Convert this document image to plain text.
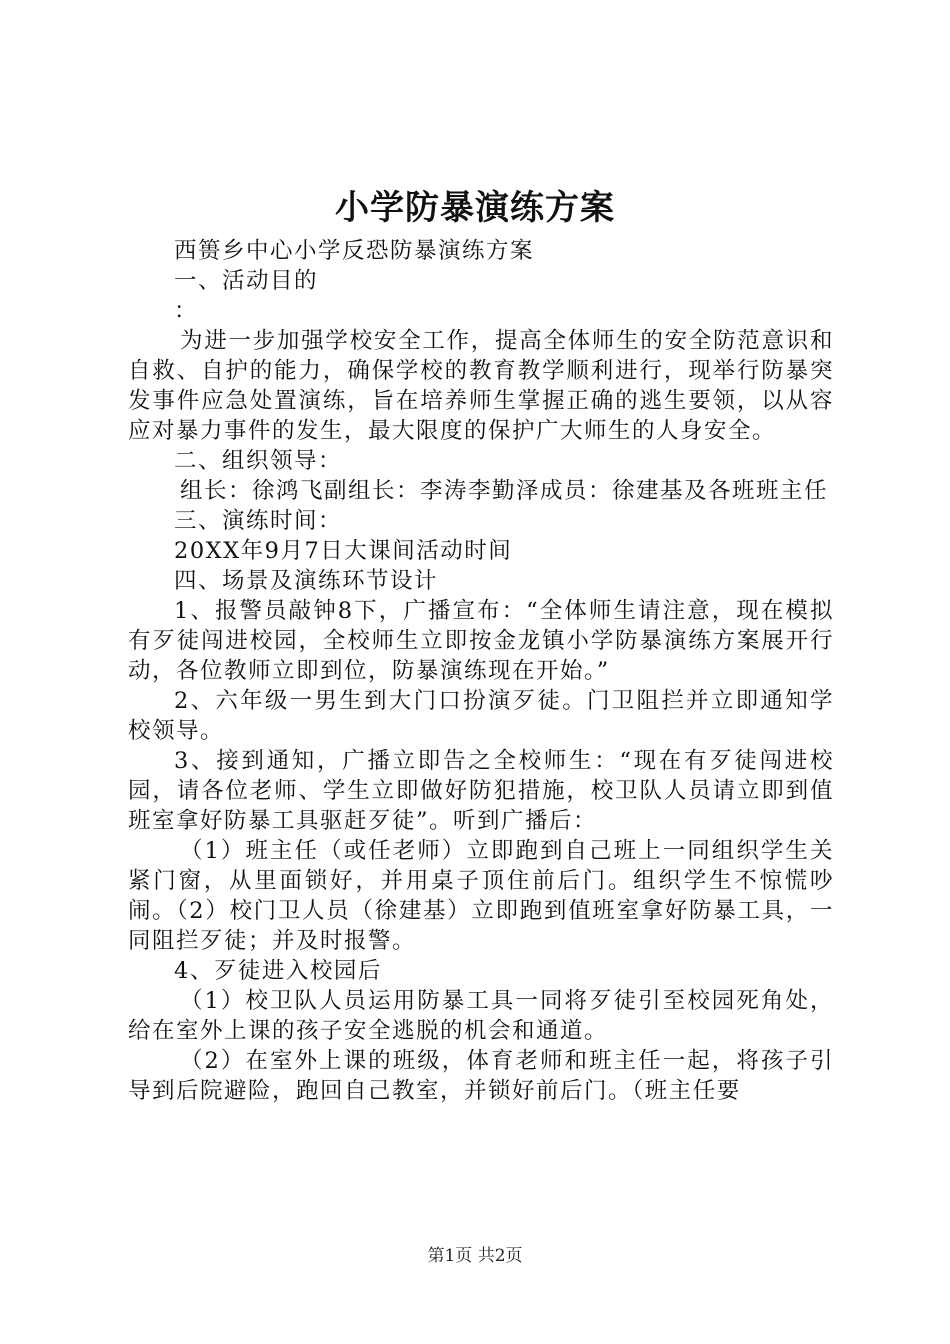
小学防暴演练方案

西篑乡中心小学反恐防暴演练方案

一、活动目的

：

为进一步加强学校安全工作，提高全体师生的安全防范意识和自救、自护的能力，确保学校的教育教学顺利进行，现举行防暴突发事件应急处置演练，旨在培养师生掌握正确的逃生要领，以从容应对暴力事件的发生，最大限度的保护广大师生的人身安全。

二、组织领导：

组长：徐鸿飞副组长：李涛李勤泽成员：徐建基及各班班主任

三、演练时间：

20XX年9月7日大课间活动时间

四、场景及演练环节设计

1、报警员敲钟8下，广播宣布：“全体师生请注意，现在模拟有歹徒闯进校园，全校师生立即按金龙镇小学防暴演练方案展开行动，各位教师立即到位，防暴演练现在开始。”

2、六年级一男生到大门口扮演歹徒。门卫阻拦并立即通知学校领导。

3、接到通知，广播立即告之全校师生：“现在有歹徒闯进校园，请各位老师、学生立即做好防犯措施，校卫队人员请立即到值班室拿好防暴工具驱赶歹徒”。听到广播后：

（1）班主任（或任老师）立即跑到自己班上一同组织学生关紧门窗，从里面锁好，并用桌子顶住前后门。组织学生不惊慌吵闹。（2）校门卫人员（徐建基）立即跑到值班室拿好防暴工具，一同阻拦歹徒；并及时报警。

4、歹徒进入校园后

（1）校卫队人员运用防暴工具一同将歹徒引至校园死角处，给在室外上课的孩子安全逃脱的机会和通道。

（2）在室外上课的班级，体育老师和班主任一起，将孩子引导到后院避险，跑回自己教室，并锁好前后门。（班主任要

第1页 共2页
